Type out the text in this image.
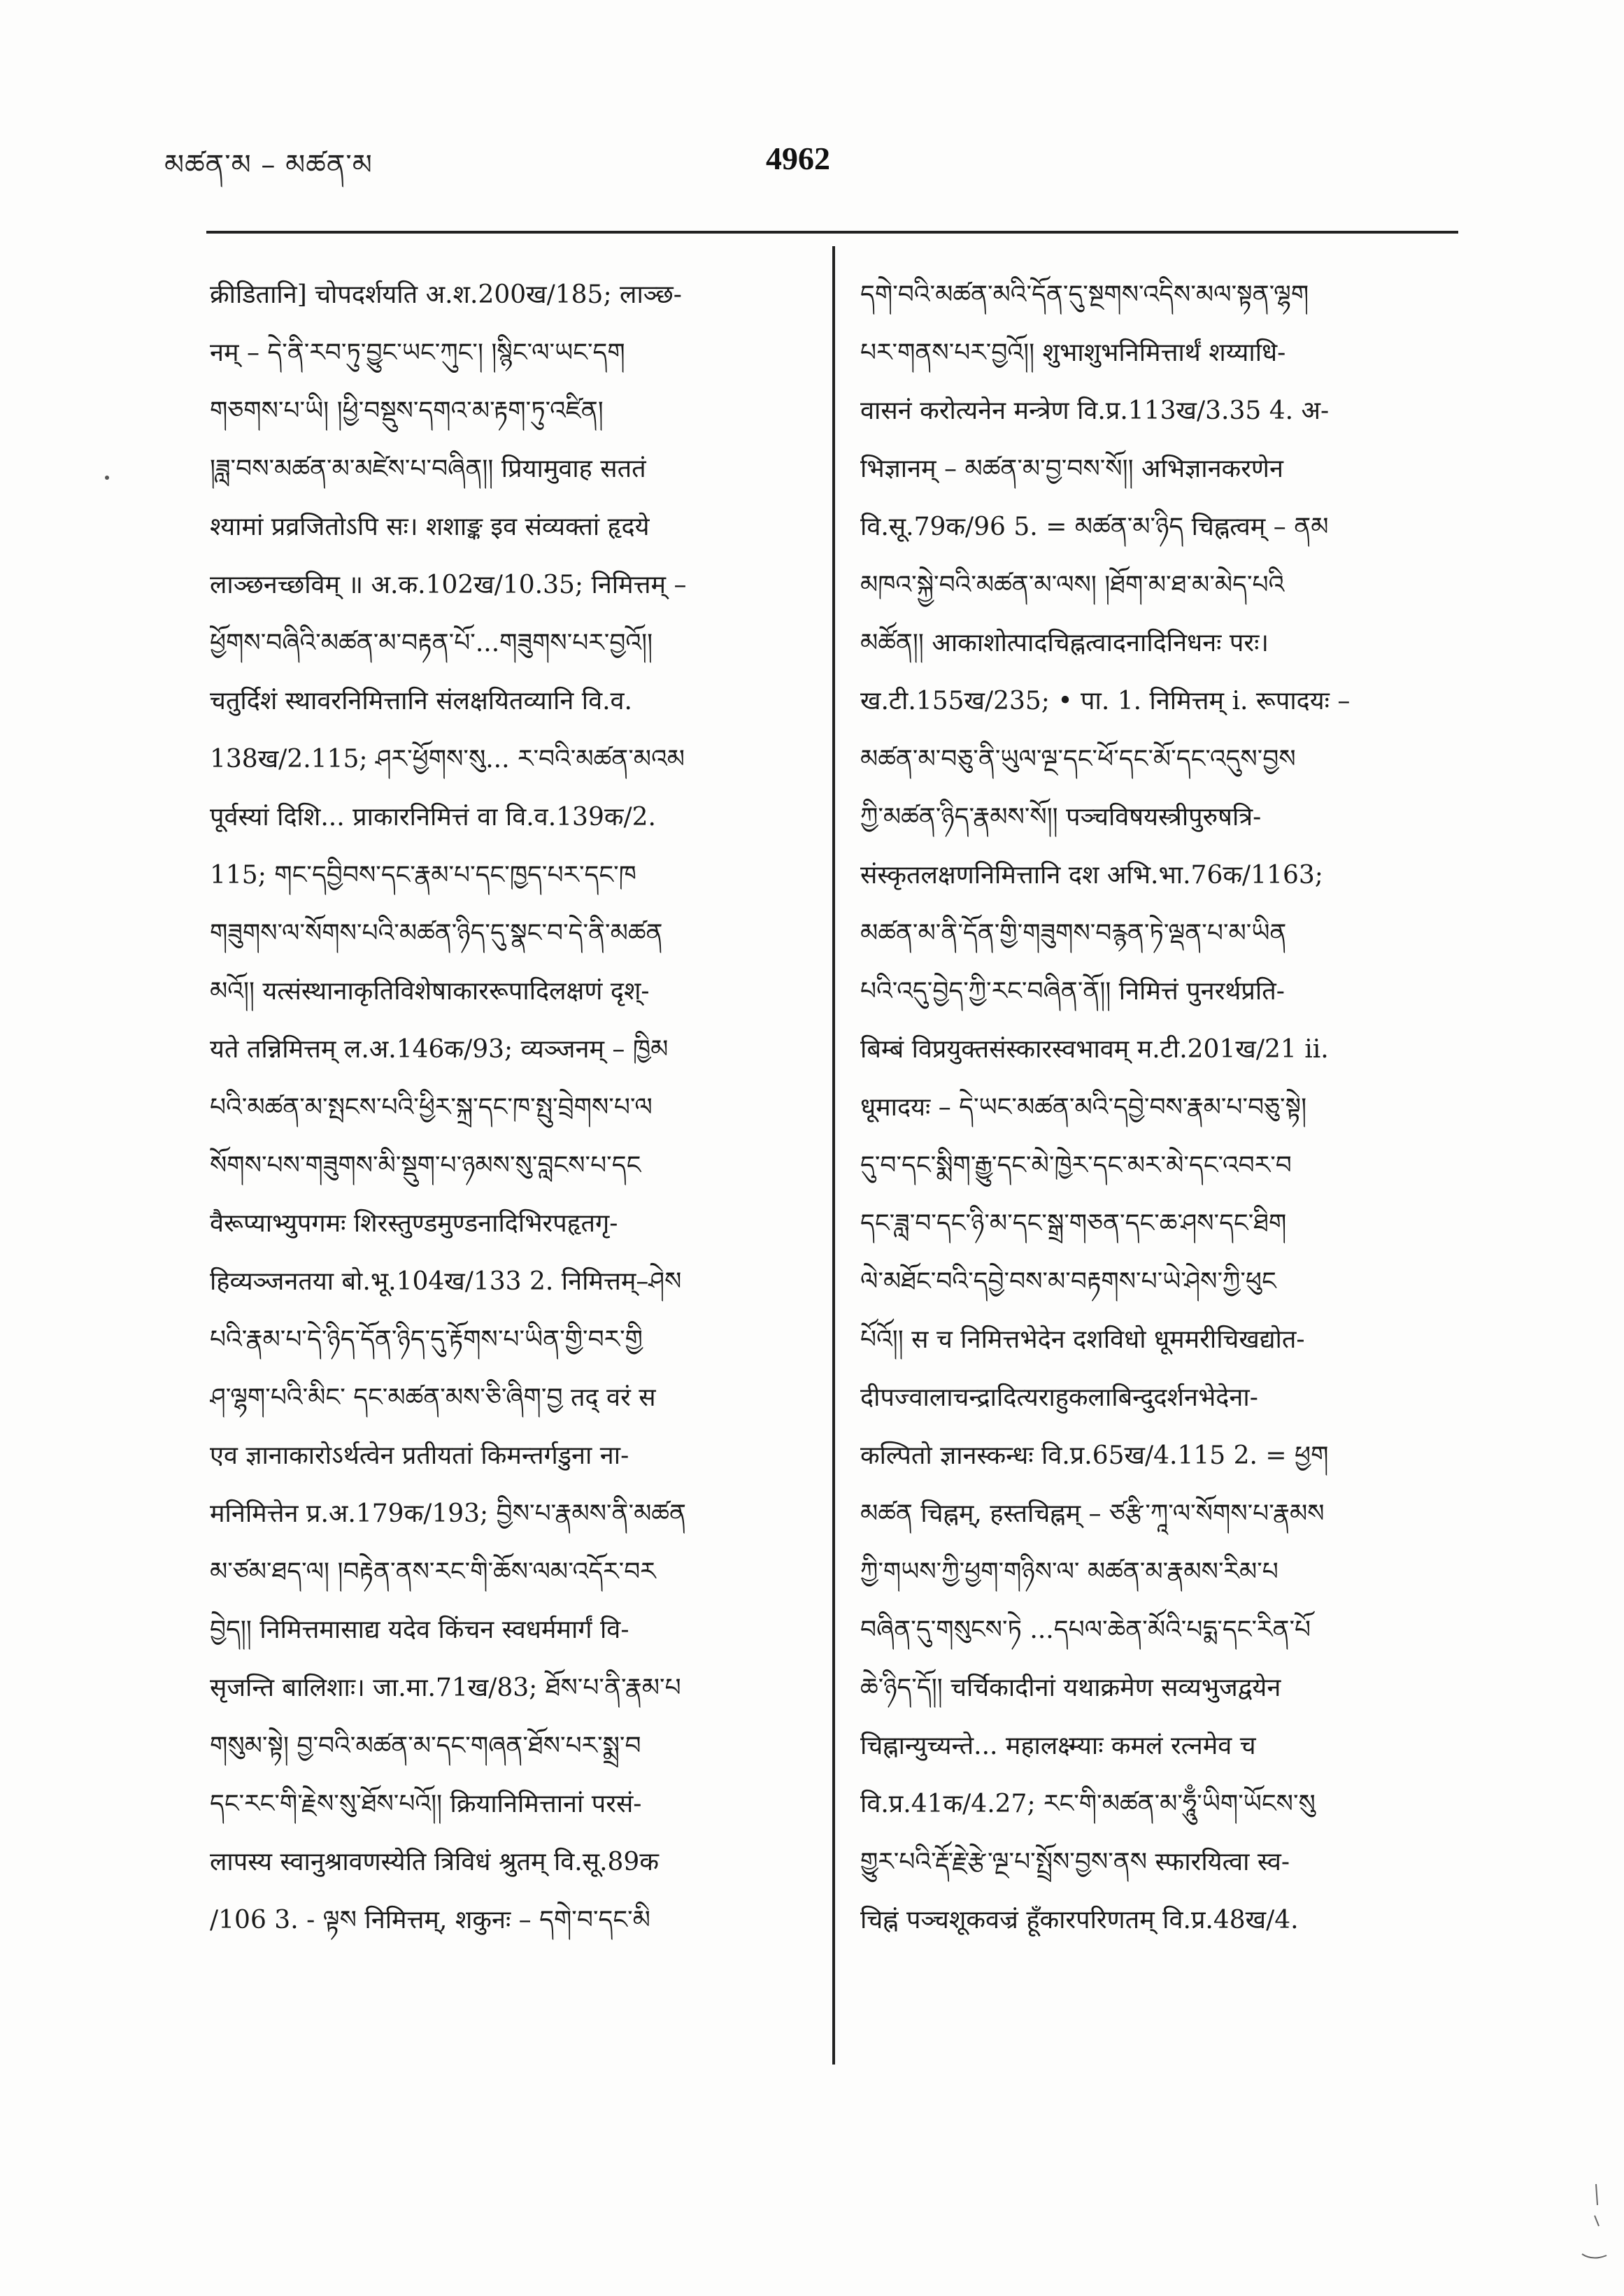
མཚན་མ – མཚན་མ	4962
क्रीडितानि] चोपदर्शयति अ.श.200ख/185; लाञ्छ-
नम् – དེ་ནི་རབ་ཏུ་བྱུང་ཡང་ཀུང་། །སྙིང་ལ་ཡང་དག
གཅགས་པ་ཡི། །ཕྱི་བསྡུས་དགའ་མ་རྟག་ཏུ་འཛིན།
།ཟླ་བས་མཚན་མ་མཛེས་པ་བཞིན།། प्रियामुवाह सततं
श्यामां प्रव्रजितोऽपि सः। शशाङ्क इव संव्यक्तां हृदये
लाञ्छनच्छविम् ॥ अ.क.102ख/10.35; निमित्तम् –
ཕྱོགས་བཞིའི་མཚན་མ་བརྟན་པོ་...གཟུགས་པར་བྱའོ།།
चतुर्दिशं स्थावरनिमित्तानि संलक्षयितव्यानि वि.व.
138ख/2.115; ཤར་ཕྱོགས་སུ... ར་བའི་མཚན་མའམ
पूर्वस्यां दिशि... प्राकारनिमित्तं वा वि.व.139क/2.
115; གང་དབྱིབས་དང་རྣམ་པ་དང་ཁྱད་པར་དང་ཁ
གཟུགས་ལ་སོགས་པའི་མཚན་ཉིད་དུ་སྣང་བ་དེ་ནི་མཚན
མའོ།། यत्संस्थानाकृतिविशेषाकाररूपादिलक्षणं दृश्-
यते तन्निमित्तम् ल.अ.146क/93; व्यञ्जनम् – ཁྱིམ
པའི་མཚན་མ་སྤངས་པའི་ཕྱིར་སྐྲ་དང་ཁ་སྤུ་བྲེགས་པ་ལ
སོགས་པས་གཟུགས་མི་སྡུག་པ་ཉམས་སུ་བླངས་པ་དང
वैरूप्याभ्युपगमः शिरस्तुण्डमुण्डनादिभिरपहृतगृ-
हिव्यञ्जनतया बो.भू.104ख/133 2. निमित्तम्–ཤེས
པའི་རྣམ་པ་དེ་ཉིད་དོན་ཉིད་དུ་རྟོགས་པ་ཡིན་གྱི་བར་གྱི
ཤ་ལྷག་པའི་མིང་ དང་མཚན་མས་ཅི་ཞིག་བྱ तद् वरं स
एव ज्ञानाकारोऽर्थत्वेन प्रतीयतां किमन्तर्गडुना ना-
मनिमित्तेन प्र.अ.179क/193; བྱིས་པ་རྣམས་ནི་མཚན
མ་ཙམ་ཐད་ལ། །བརྟེན་ནས་རང་གི་ཆོས་ལམ་འདོར་བར
བྱེད།། निमित्तमासाद्य यदेव किंचन स्वधर्ममार्गं वि-
सृजन्ति बालिशाः। जा.मा.71ख/83; ཐོས་པ་ནི་རྣམ་པ
གསུམ་སྟེ། བྱ་བའི་མཚན་མ་དང་གཞན་ཐོས་པར་སྨྲ་བ
དང་རང་གི་རྗེས་སུ་ཐོས་པའོ།། क्रियानिमित्तानां परसं-
लापस्य स्वानुश्रावणस्येति त्रिविधं श्रुतम् वि.सू.89क
/106 3. - ལྟས निमित्तम्, शकुनः – དགེ་བ་དང་མི
དགེ་བའི་མཚན་མའི་དོན་དུ་སྔགས་འདིས་མལ་སྟན་ལྷག
པར་གནས་པར་བྱའོ།། शुभाशुभनिमित्तार्थं शय्याधि-
वासनं करोत्यनेन मन्त्रेण वि.प्र.113ख/3.35 4. अ-
भिज्ञानम् – མཚན་མ་བྱ་བས་སོ།། अभिज्ञानकरणेन
वि.सू.79क/96 5. = མཚན་མ་ཉིད चिह्नत्वम् – ནམ
མཁའ་སྐྱེ་བའི་མཚན་མ་ལས། །ཐོག་མ་ཐ་མ་མེད་པའི
མཚོན།། आकाशोत्पादचिह्नत्वादनादिनिधनः परः।
ख.टी.155ख/235; • पा. 1. निमित्तम् i. रूपादयः –
མཚན་མ་བཅུ་ནི་ཡུལ་ལྔ་དང་ཕོ་དང་མོ་དང་འདུས་བྱས
ཀྱི་མཚན་ཉིད་རྣམས་སོ།། पञ्चविषयस्त्रीपुरुषत्रि-
संस्कृतलक्षणनिमित्तानि दश अभि.भा.76क/1163;
མཚན་མ་ནི་དོན་གྱི་གཟུགས་བརྙན་ཏེ་ལྡན་པ་མ་ཡིན
པའི་འདུ་བྱེད་ཀྱི་རང་བཞིན་ནོ།། निमित्तं पुनरर्थप्रति-
बिम्बं विप्रयुक्तसंस्कारस्वभावम् म.टी.201ख/21 ii.
धूमादयः – དེ་ཡང་མཚན་མའི་དབྱེ་བས་རྣམ་པ་བཅུ་སྟེ།
དུ་བ་དང་སྨིག་རྒྱུ་དང་མེ་ཁྱེར་དང་མར་མེ་དང་འབར་བ
དང་ཟླ་བ་དང་ཉི་མ་དང་སྒྲ་གཅན་དང་ཆ་ཤས་དང་ཐིག
ལེ་མཐོང་བའི་དབྱེ་བས་མ་བརྟགས་པ་ཡེ་ཤེས་ཀྱི་ཕུང
པོའོ།། स च निमित्तभेदेन दशविधो धूममरीचिखद्योत-
दीपज्वालाचन्द्रादित्यराहुकलाबिन्दुदर्शनभेदेना-
कल्पितो ज्ञानस्कन्धः वि.प्र.65ख/4.115 2. = ཕྱག
མཚན चिह्नम्, हस्तचिह्नम् – ཙརྩི་ཀཱ་ལ་སོགས་པ་རྣམས
ཀྱི་གཡས་ཀྱི་ཕྱག་གཉིས་ལ་ མཚན་མ་རྣམས་རིམ་པ
བཞིན་དུ་གསུངས་ཏེ ...དཔལ་ཆེན་མོའི་པདྨ་དང་རིན་པོ
ཆེ་ཉིད་དོ།། चर्चिकादीनां यथाक्रमेण सव्यभुजद्वयेन
चिह्नान्युच्यन्ते... महालक्ष्म्याः कमलं रत्नमेव च
वि.प्र.41क/4.27; རང་གི་མཚན་མ་ཧཱུྃ་ཡིག་ཡོངས་སུ
གྱུར་པའི་རྡོ་རྗེ་རྩེ་ལྔ་པ་སྤྲོས་བྱས་ནས स्फारयित्वा स्व-
चिह्नं पञ्चशूकवज्रं हूँकारपरिणतम् वि.प्र.48ख/4.
